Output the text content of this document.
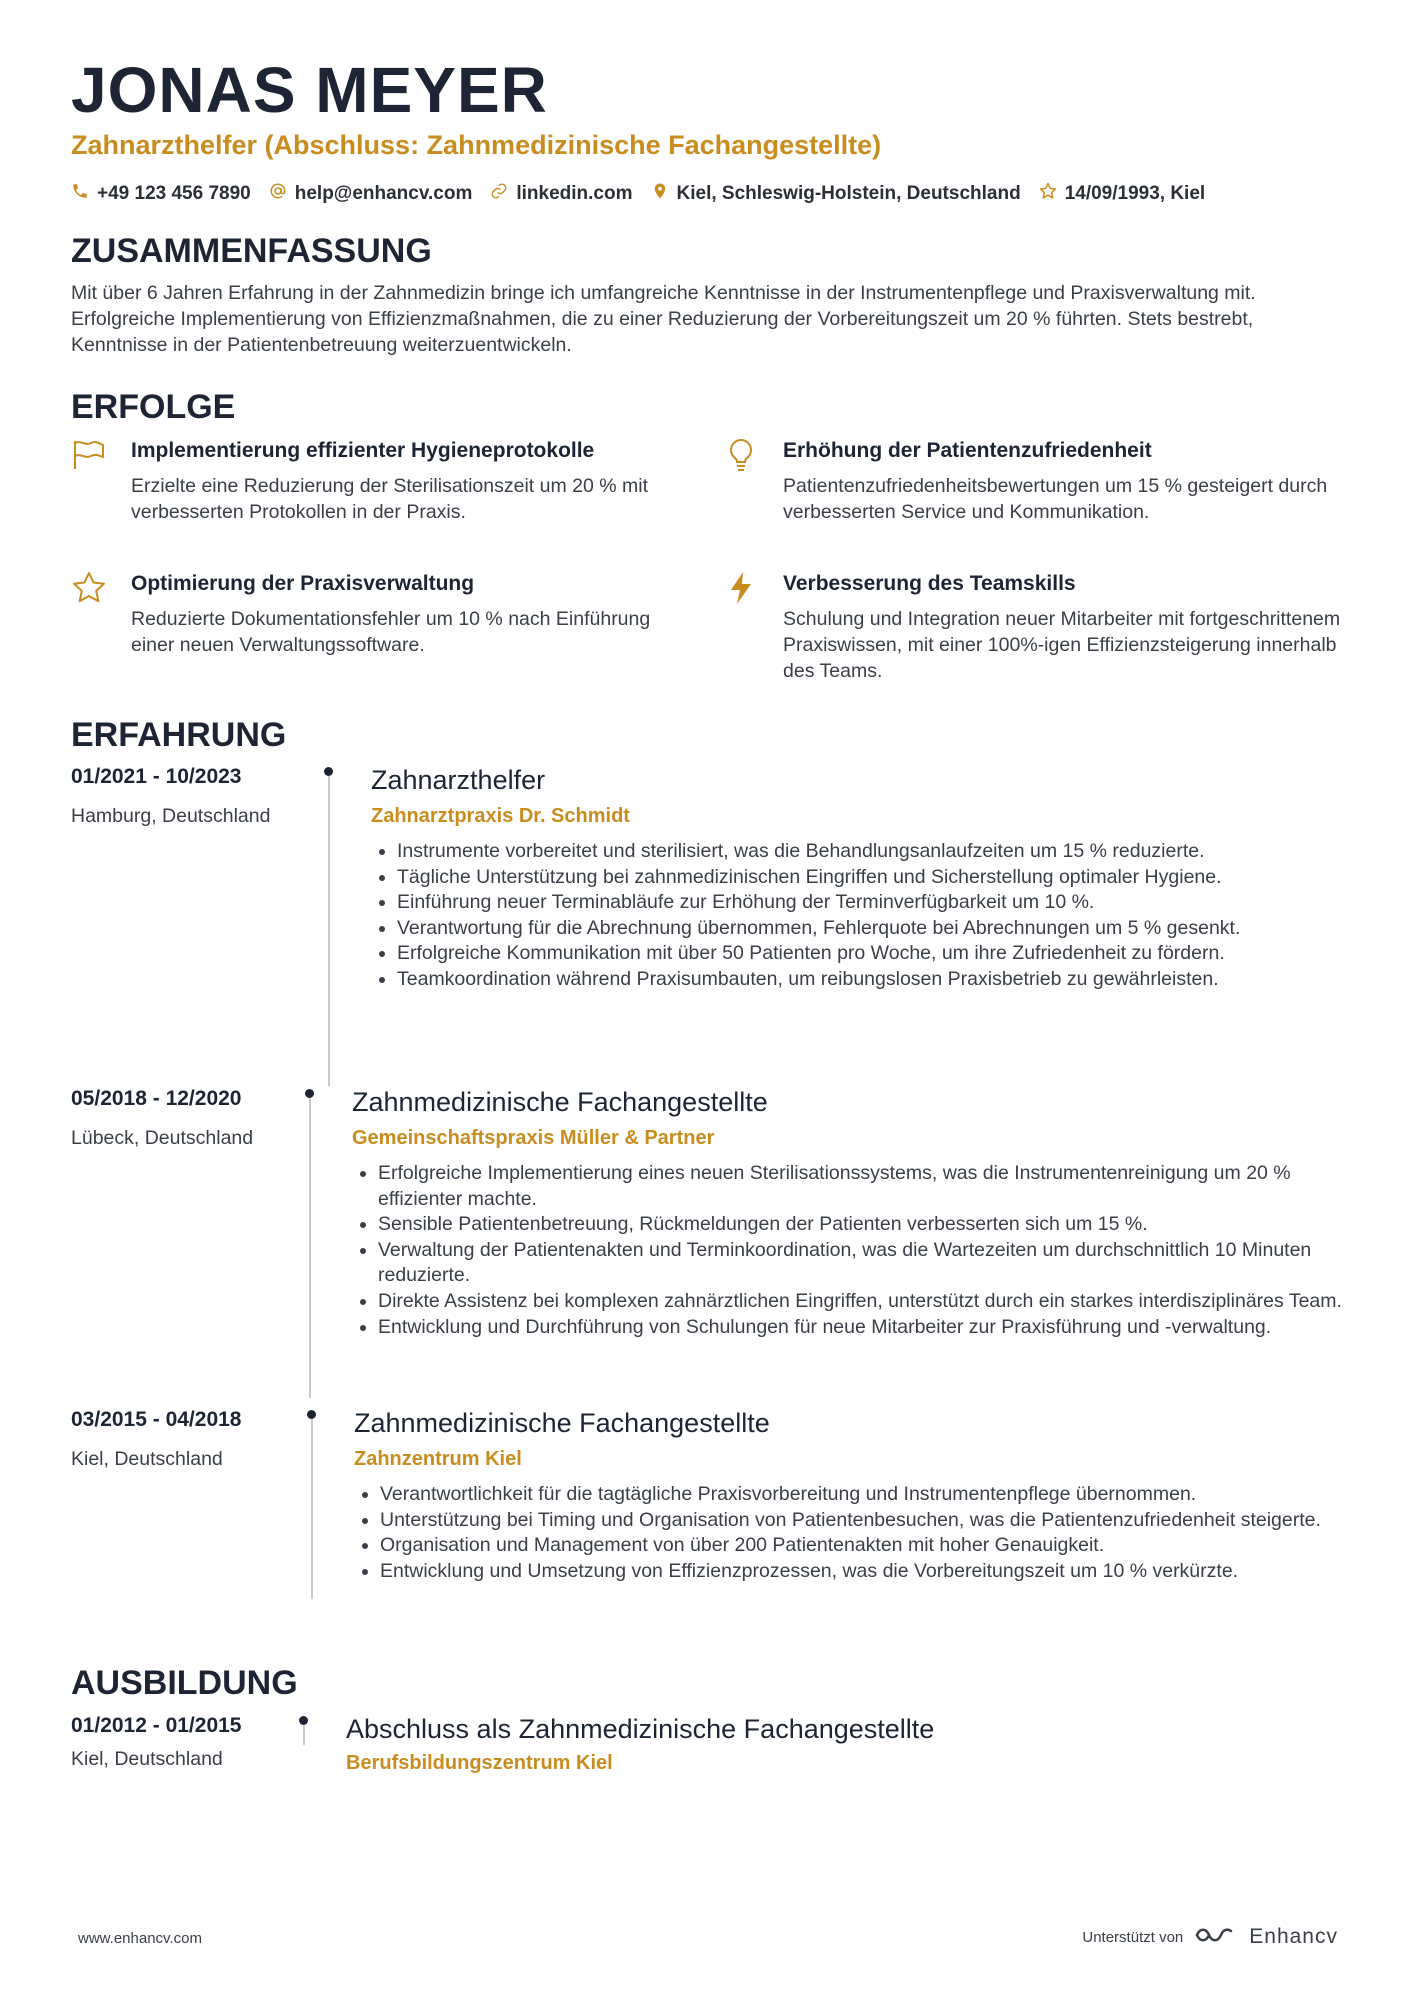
JONAS MEYER
Zahnarzthelfer (Abschluss: Zahnmedizinische Fachangestellte)
+49 123 456 7890 help@enhancv.com linkedin.com Kiel, Schleswig-Holstein, Deutschland 14/09/1993, Kiel
ZUSAMMENFASSUNG
Mit über 6 Jahren Erfahrung in der Zahnmedizin bringe ich umfangreiche Kenntnisse in der Instrumentenpflege und Praxisverwaltung mit. Erfolgreiche Implementierung von Effizienzmaßnahmen, die zu einer Reduzierung der Vorbereitungszeit um 20 % führten. Stets bestrebt, Kenntnisse in der Patientenbetreuung weiterzuentwickeln.
ERFOLGE
Implementierung effizienter Hygieneprotokolle
Erzielte eine Reduzierung der Sterilisationszeit um 20 % mit verbesserten Protokollen in der Praxis.
Erhöhung der Patientenzufriedenheit
Patientenzufriedenheitsbewertungen um 15 % gesteigert durch verbesserten Service und Kommunikation.
Optimierung der Praxisverwaltung
Reduzierte Dokumentationsfehler um 10 % nach Einführung einer neuen Verwaltungssoftware.
Verbesserung des Teamskills
Schulung und Integration neuer Mitarbeiter mit fortgeschrittenem Praxiswissen, mit einer 100%-igen Effizienzsteigerung innerhalb des Teams.
ERFAHRUNG
01/2021 - 10/2023
Hamburg, Deutschland
Zahnarzthelfer
Zahnarztpraxis Dr. Schmidt
• Instrumente vorbereitet und sterilisiert, was die Behandlungsanlaufzeiten um 15 % reduzierte.
• Tägliche Unterstützung bei zahnmedizinischen Eingriffen und Sicherstellung optimaler Hygiene.
• Einführung neuer Terminabläufe zur Erhöhung der Terminverfügbarkeit um 10 %.
• Verantwortung für die Abrechnung übernommen, Fehlerquote bei Abrechnungen um 5 % gesenkt.
• Erfolgreiche Kommunikation mit über 50 Patienten pro Woche, um ihre Zufriedenheit zu fördern.
• Teamkoordination während Praxisumbauten, um reibungslosen Praxisbetrieb zu gewährleisten.
05/2018 - 12/2020
Lübeck, Deutschland
Zahnmedizinische Fachangestellte
Gemeinschaftspraxis Müller & Partner
• Erfolgreiche Implementierung eines neuen Sterilisationssystems, was die Instrumentenreinigung um 20 % effizienter machte.
• Sensible Patientenbetreuung, Rückmeldungen der Patienten verbesserten sich um 15 %.
• Verwaltung der Patientenakten und Terminkoordination, was die Wartezeiten um durchschnittlich 10 Minuten reduzierte.
• Direkte Assistenz bei komplexen zahnärztlichen Eingriffen, unterstützt durch ein starkes interdisziplinäres Team.
• Entwicklung und Durchführung von Schulungen für neue Mitarbeiter zur Praxisführung und -verwaltung.
03/2015 - 04/2018
Kiel, Deutschland
Zahnmedizinische Fachangestellte
Zahnzentrum Kiel
• Verantwortlichkeit für die tagtägliche Praxisvorbereitung und Instrumentenpflege übernommen.
• Unterstützung bei Timing und Organisation von Patientenbesuchen, was die Patientenzufriedenheit steigerte.
• Organisation und Management von über 200 Patientenakten mit hoher Genauigkeit.
• Entwicklung und Umsetzung von Effizienzprozessen, was die Vorbereitungszeit um 10 % verkürzte.
AUSBILDUNG
01/2012 - 01/2015
Kiel, Deutschland
Abschluss als Zahnmedizinische Fachangestellte
Berufsbildungszentrum Kiel
www.enhancv.com	Unterstützt von	Enhancv
